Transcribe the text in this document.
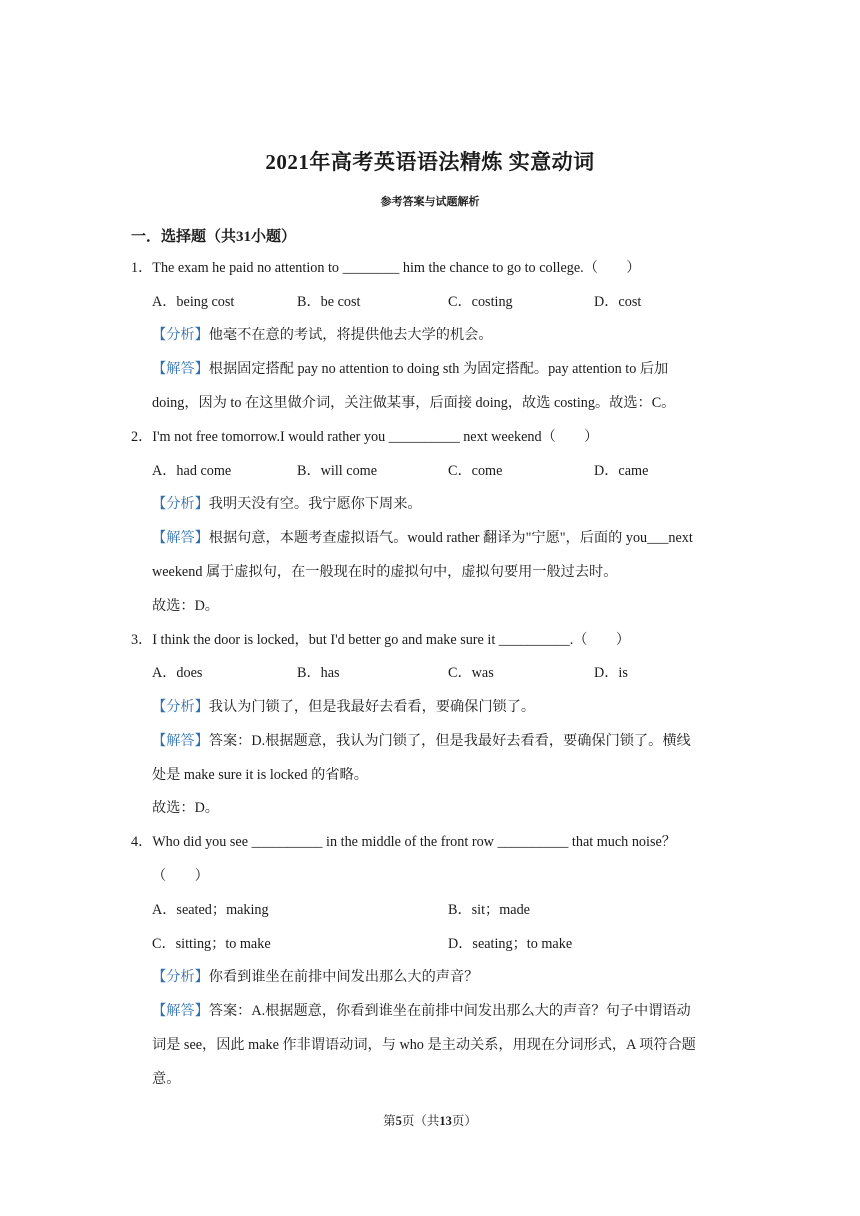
2021年高考英语语法精炼 实意动词
参考答案与试题解析
一．选择题（共31小题）
1．The exam he paid no attention to ________ him the chance to go to college.（　　）
A．being cost	B．be cost	C．costing	D．cost
【分析】他毫不在意的考试，将提供他去大学的机会。
【解答】根据固定搭配 pay no attention to doing sth 为固定搭配。pay attention to 后加
doing，因为 to 在这里做介词，关注做某事，后面接 doing，故选 costing。故选：C。
2．I'm not free tomorrow.I would rather you __________ next weekend（　　）
A．had come	B．will come	C．come	D．came
【分析】我明天没有空。我宁愿你下周来。
【解答】根据句意，本题考查虚拟语气。would rather 翻译为"宁愿"，后面的 you___next
weekend 属于虚拟句，在一般现在时的虚拟句中，虚拟句要用一般过去时。
故选：D。
3．I think the door is locked，but I'd better go and make sure it __________.（　　）
A．does	B．has	C．was	D．is
【分析】我认为门锁了，但是我最好去看看，要确保门锁了。
【解答】答案：D.根据题意，我认为门锁了，但是我最好去看看，要确保门锁了。横线
处是 make sure it is locked 的省略。
故选：D。
4．Who did you see __________ in the middle of the front row __________ that much noise？
（　　）
A．seated；making	B．sit；made
C．sitting；to make	D．seating；to make
【分析】你看到谁坐在前排中间发出那么大的声音？
【解答】答案：A.根据题意，你看到谁坐在前排中间发出那么大的声音？句子中谓语动
词是 see，因此 make 作非谓语动词，与 who 是主动关系，用现在分词形式，A 项符合题
意。
第5页（共13页）
